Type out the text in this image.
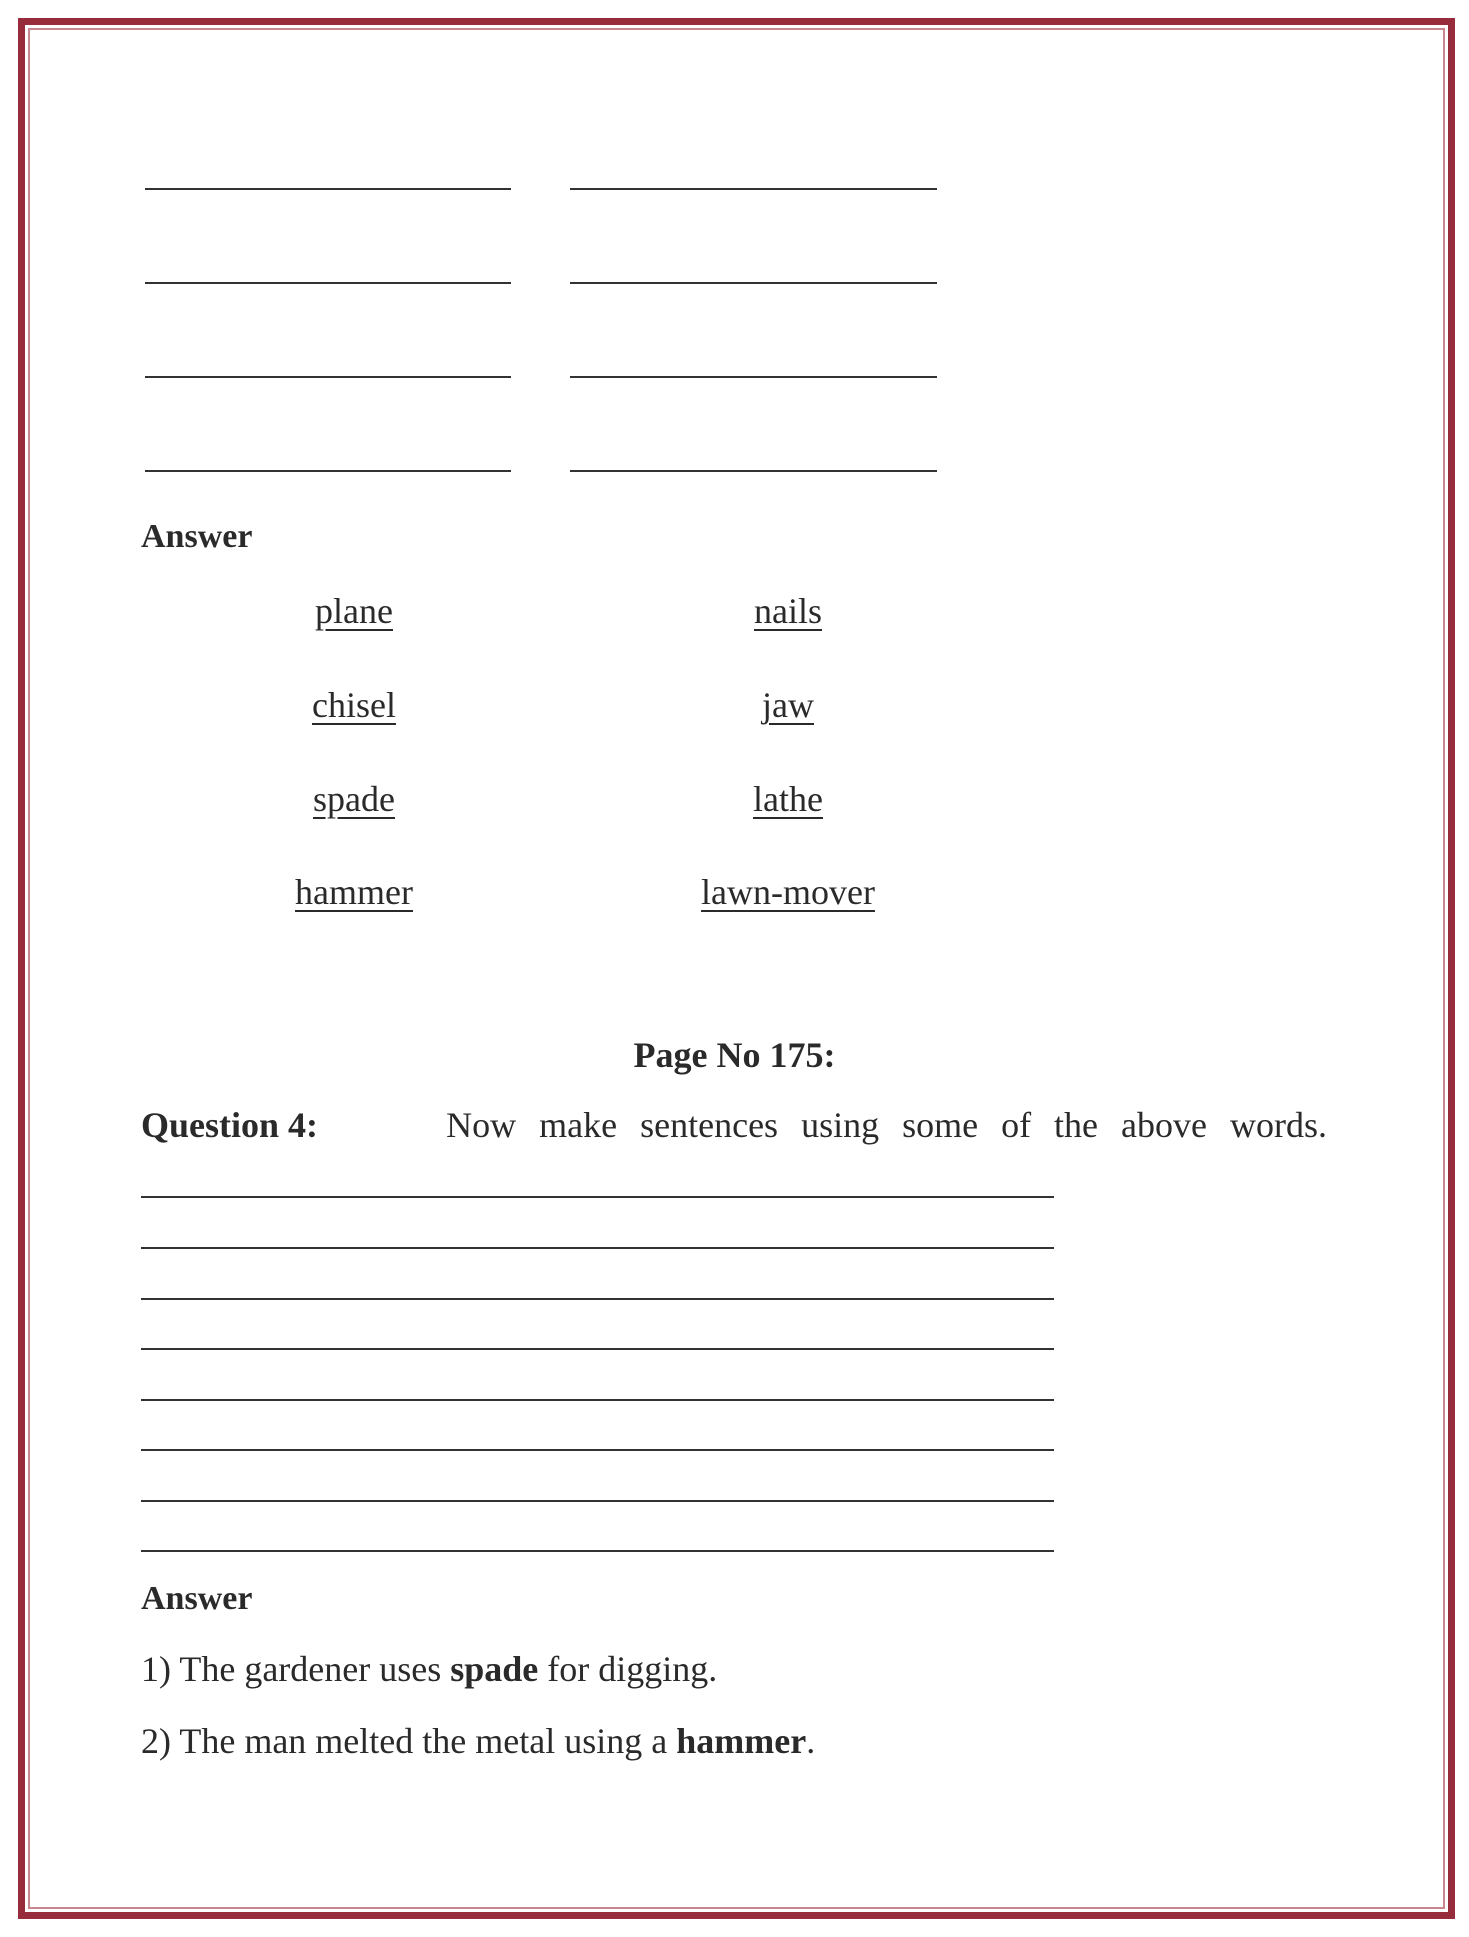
Answer
plane
chisel
spade
hammer
nails
jaw
lathe
lawn-mover
Page No 175:
Question 4:	Now make sentences using some of the above words.
Answer
1) The gardener uses spade for digging.
2) The man melted the metal using a hammer.
